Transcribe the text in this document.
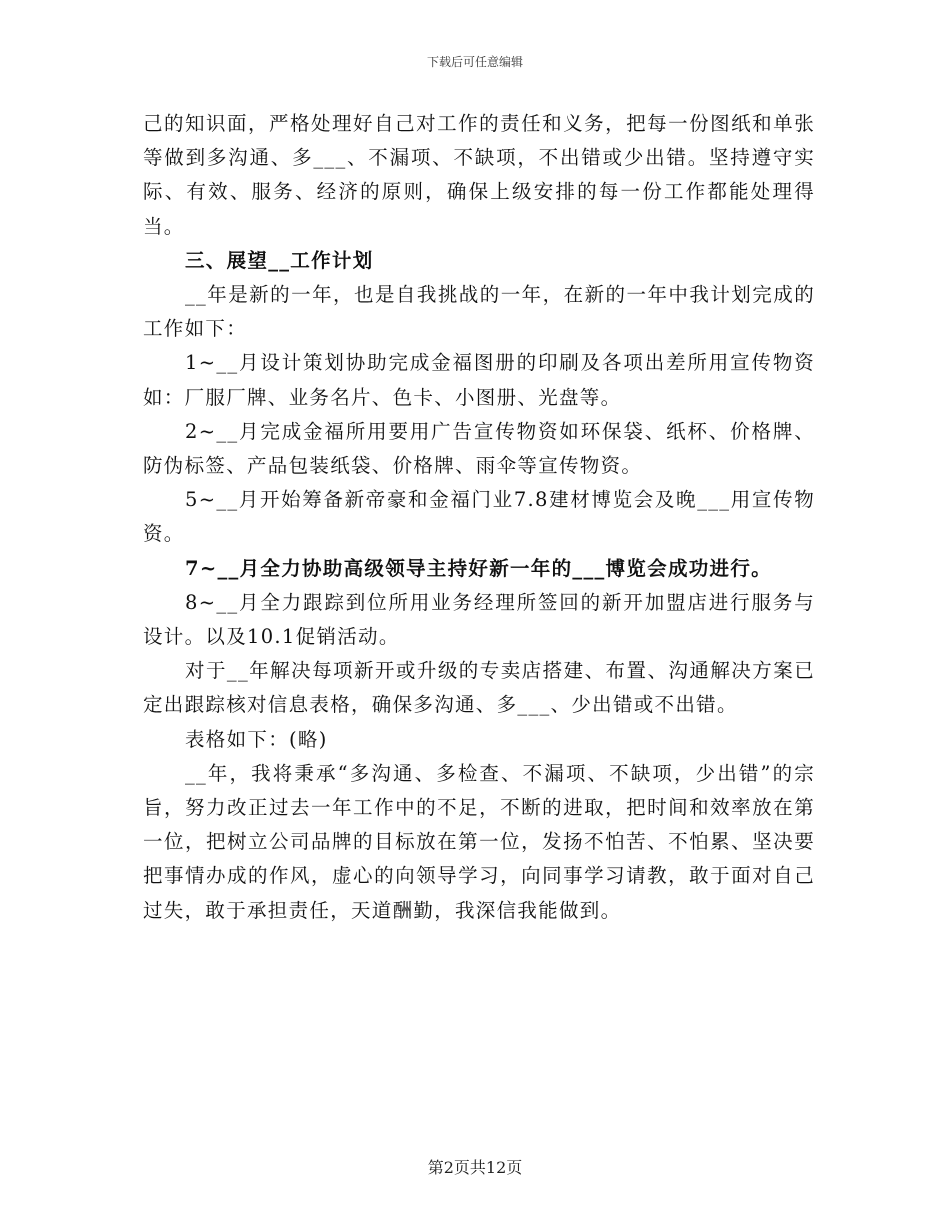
下载后可任意编辑

己的知识面，严格处理好自己对工作的责任和义务，把每一份图纸和单张等做到多沟通、多___、不漏项、不缺项，不出错或少出错。坚持遵守实际、有效、服务、经济的原则，确保上级安排的每一份工作都能处理得当。

三、展望__工作计划

__年是新的一年，也是自我挑战的一年，在新的一年中我计划完成的工作如下：

1~__月设计策划协助完成金福图册的印刷及各项出差所用宣传物资如：厂服厂牌、业务名片、色卡、小图册、光盘等。

2~__月完成金福所用要用广告宣传物资如环保袋、纸杯、价格牌、防伪标签、产品包装纸袋、价格牌、雨伞等宣传物资。

5~__月开始筹备新帝豪和金福门业7.8建材博览会及晚___用宣传物资。

7~__月全力协助高级领导主持好新一年的___博览会成功进行。

8~__月全力跟踪到位所用业务经理所签回的新开加盟店进行服务与设计。以及10.1促销活动。

对于__年解决每项新开或升级的专卖店搭建、布置、沟通解决方案已定出跟踪核对信息表格，确保多沟通、多___、少出错或不出错。

表格如下：(略)

__年，我将秉承“多沟通、多检查、不漏项、不缺项，少出错”的宗旨，努力改正过去一年工作中的不足，不断的进取，把时间和效率放在第一位，把树立公司品牌的目标放在第一位，发扬不怕苦、不怕累、坚决要把事情办成的作风，虚心的向领导学习，向同事学习请教，敢于面对自己过失，敢于承担责任，天道酬勤，我深信我能做到。

第2页共12页
